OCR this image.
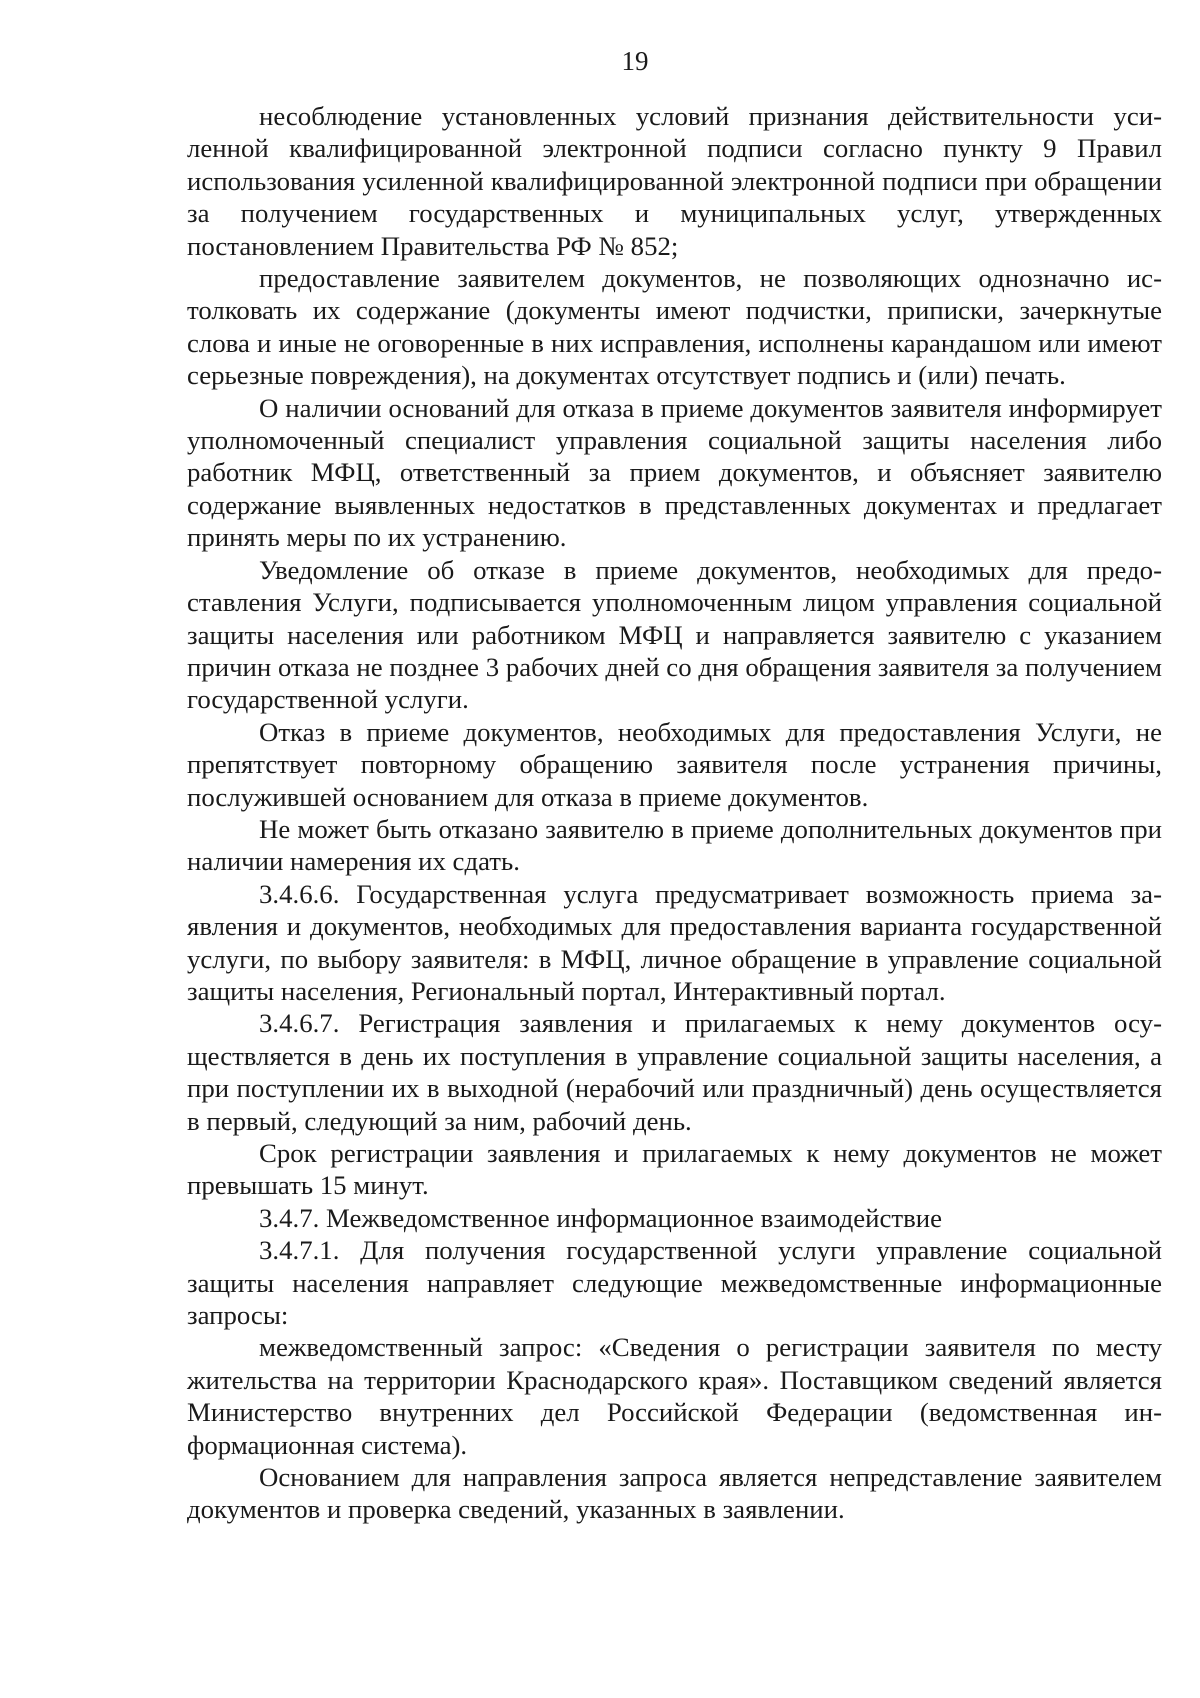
19

несоблюдение установленных условий признания действительности усиленной квалифицированной электронной подписи согласно пункту 9 Правил использования усиленной квалифицированной электронной подписи при обращении за получением государственных и муниципальных услуг, утвержденных постановлением Правительства РФ № 852;

предоставление заявителем документов, не позволяющих однозначно истолковать их содержание (документы имеют подчистки, приписки, зачеркнутые слова и иные не оговоренные в них исправления, исполнены карандашом или имеют серьезные повреждения), на документах отсутствует подпись и (или) печать.

О наличии оснований для отказа в приеме документов заявителя информирует уполномоченный специалист управления социальной защиты населения либо работник МФЦ, ответственный за прием документов, и объясняет заявителю содержание выявленных недостатков в представленных документах и предлагает принять меры по их устранению.

Уведомление об отказе в приеме документов, необходимых для предоставления Услуги, подписывается уполномоченным лицом управления социальной защиты населения или работником МФЦ и направляется заявителю с указанием причин отказа не позднее 3 рабочих дней со дня обращения заявителя за получением государственной услуги.

Отказ в приеме документов, необходимых для предоставления Услуги, не препятствует повторному обращению заявителя после устранения причины, послужившей основанием для отказа в приеме документов.

Не может быть отказано заявителю в приеме дополнительных документов при наличии намерения их сдать.

3.4.6.6. Государственная услуга предусматривает возможность приема заявления и документов, необходимых для предоставления варианта государственной услуги, по выбору заявителя: в МФЦ, личное обращение в управление социальной защиты населения, Региональный портал, Интерактивный портал.

3.4.6.7. Регистрация заявления и прилагаемых к нему документов осуществляется в день их поступления в управление социальной защиты населения, а при поступлении их в выходной (нерабочий или праздничный) день осуществляется в первый, следующий за ним, рабочий день.

Срок регистрации заявления и прилагаемых к нему документов не может превышать 15 минут.

3.4.7. Межведомственное информационное взаимодействие

3.4.7.1. Для получения государственной услуги управление социальной защиты населения направляет следующие межведомственные информационные запросы:

межведомственный запрос: «Сведения о регистрации заявителя по месту жительства на территории Краснодарского края». Поставщиком сведений является Министерство внутренних дел Российской Федерации (ведомственная информационная система).

Основанием для направления запроса является непредставление заявителем документов и проверка сведений, указанных в заявлении.
